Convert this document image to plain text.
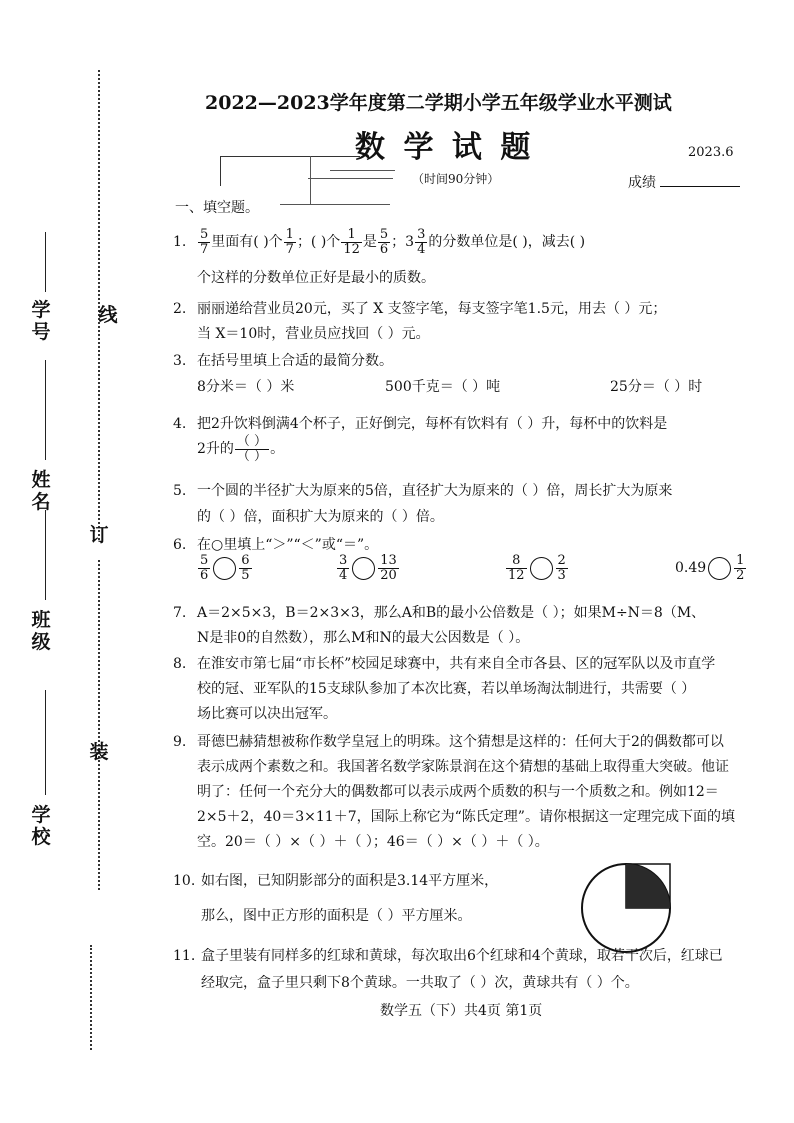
线
订
装
学校
班级
姓名
学号
2022—2023学年度第二学期小学五年级学业水平测试
数 学 试 题	2023.6
（时间90分钟）	成绩
一、填空题。
1. $\frac{5}{7}$ 里面有( )个 $\frac{1}{7}$ ；( )个 $\frac{1}{12}$ 是 $\frac{5}{6}$ ；$3 \frac{3}{4}$ 的分数单位是( )，减去( )
个这样的分数单位正好是最小的质数。
2. 丽丽递给营业员20元，买了 X 支签字笔，每支签字笔1.5元，用去（ ）元；
当 X＝10时，营业员应找回（ ）元。
3. 在括号里填上合适的最简分数。
8分米＝（ ）米	500千克＝（ ）吨	25分＝（ ）时
4. 把2升饮料倒满4个杯子，正好倒完，每杯有饮料有（ ）升，每杯中的饮料是
2升的 $\frac{( )}{( )}$ 。
5. 一个圆的半径扩大为原来的5倍，直径扩大为原来的（ ）倍，周长扩大为原来
的（ ）倍，面积扩大为原来的（ ）倍。
6. 在○里填上“＞”“＜”或“＝”。
$\frac{5}{6} \frac{6}{5}$	$\frac{3}{4} \frac{13}{20}$	$\frac{8}{12} \frac{2}{3}$	$0.49 \frac{1}{2}$
7. A＝2×5×3，B＝2×3×3，那么A和B的最小公倍数是（ ）；如果M÷N＝8（M、
N是非0的自然数），那么M和N的最大公因数是（ ）。
8. 在淮安市第七届“市长杯”校园足球赛中，共有来自全市各县、区的冠军队以及市直学
校的冠、亚军队的15支球队参加了本次比赛，若以单场淘汰制进行，共需要（ ）
场比赛可以决出冠军。
9. 哥德巴赫猜想被称作数学皇冠上的明珠。这个猜想是这样的：任何大于2的偶数都可以
表示成两个素数之和。我国著名数学家陈景润在这个猜想的基础上取得重大突破。他证
明了：任何一个充分大的偶数都可以表示成两个质数的积与一个质数之和。例如12＝
2×5＋2，40＝3×11＋7，国际上称它为“陈氏定理”。请你根据这一定理完成下面的填
空。20＝（ ）×（ ）＋（ ）；46＝（ ）×（ ）＋（ ）。
10. 如右图，已知阴影部分的面积是3.14平方厘米，
那么，图中正方形的面积是（ ）平方厘米。
11. 盒子里装有同样多的红球和黄球，每次取出6个红球和4个黄球，取若干次后，红球已
经取完，盒子里只剩下8个黄球。一共取了（ ）次，黄球共有（ ）个。
数学五（下）共4页 第1页
